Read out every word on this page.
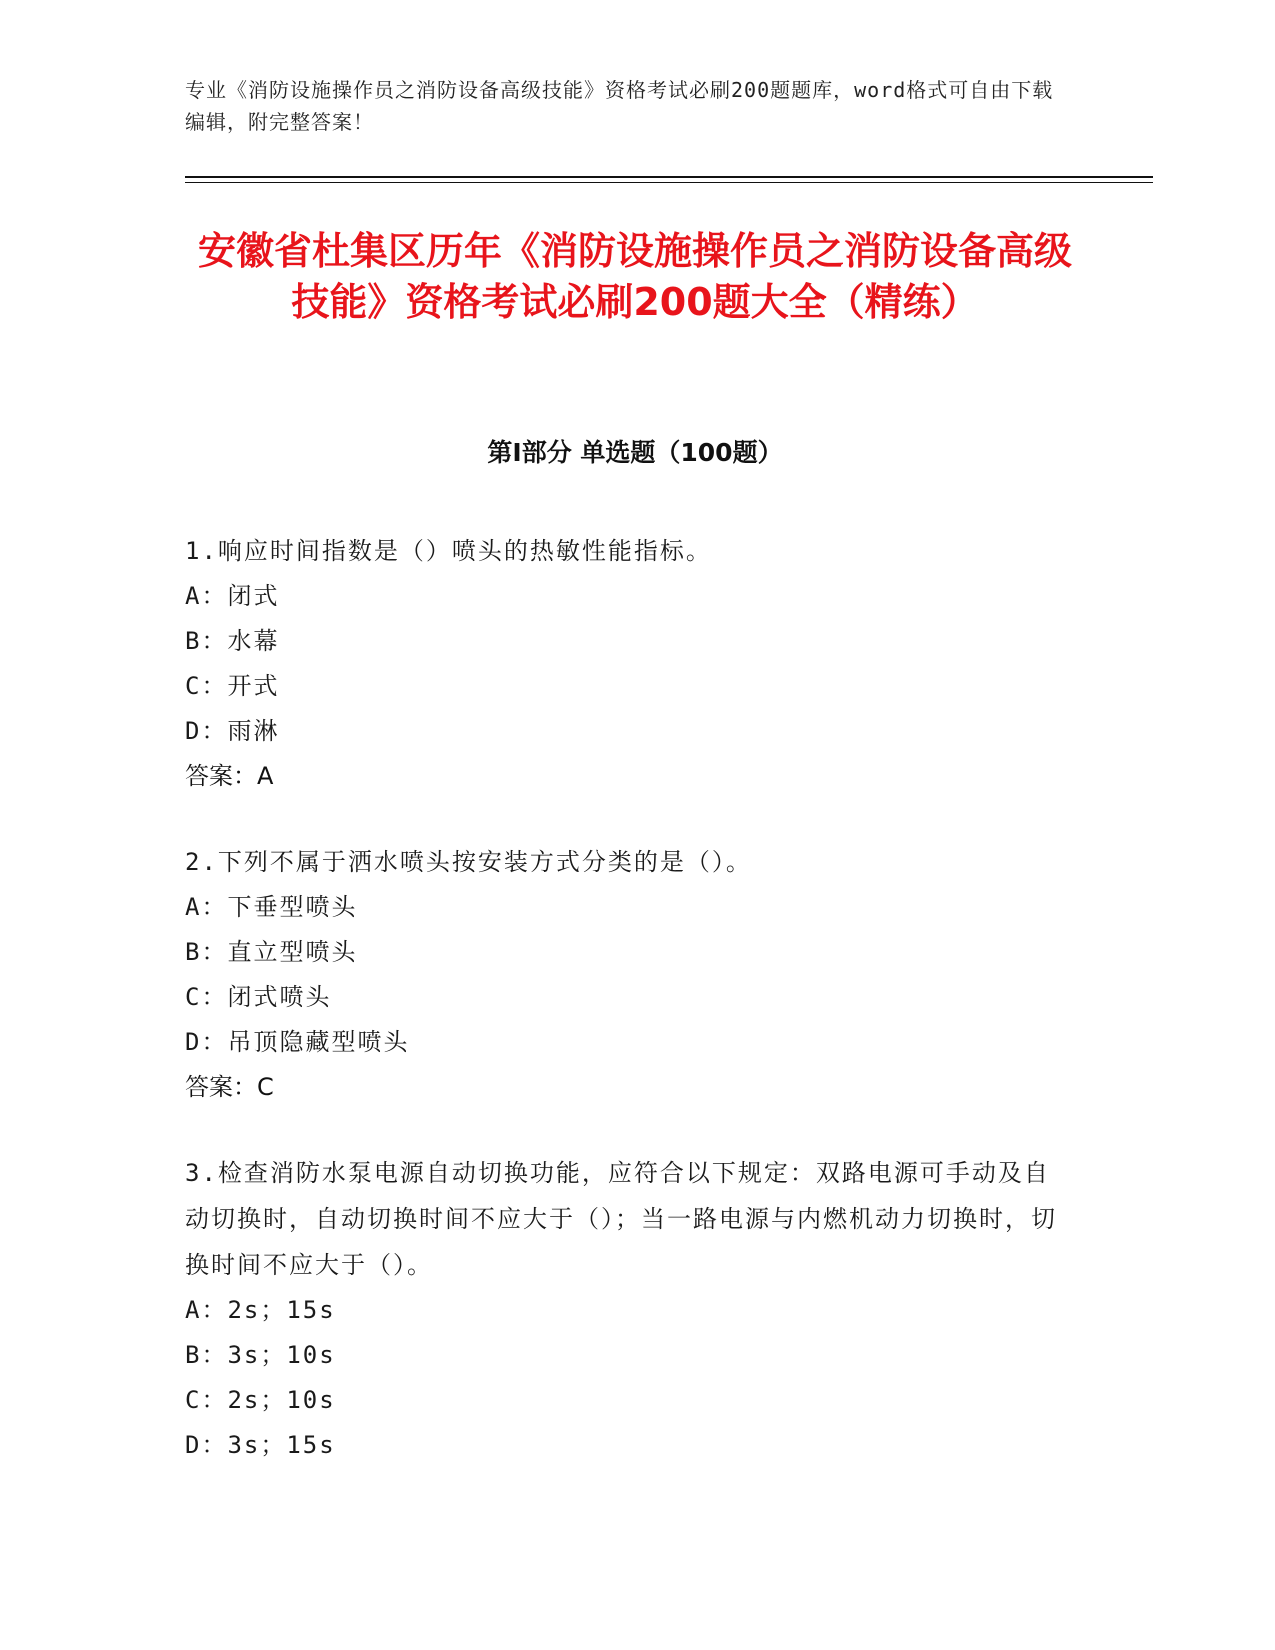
专业《消防设施操作员之消防设备高级技能》资格考试必刷200题题库，word格式可自由下载编辑，附完整答案！
安徽省杜集区历年《消防设施操作员之消防设备高级技能》资格考试必刷200题大全（精练）
第Ⅰ部分 单选题（100题）
1.响应时间指数是（）喷头的热敏性能指标。
A：闭式
B：水幕
C：开式
D：雨淋
答案：A
2.下列不属于洒水喷头按安装方式分类的是（）。
A：下垂型喷头
B：直立型喷头
C：闭式喷头
D：吊顶隐藏型喷头
答案：C
3.检查消防水泵电源自动切换功能，应符合以下规定：双路电源可手动及自动切换时，自动切换时间不应大于（）；当一路电源与内燃机动力切换时，切换时间不应大于（）。
A：2s；15s
B：3s；10s
C：2s；10s
D：3s；15s
